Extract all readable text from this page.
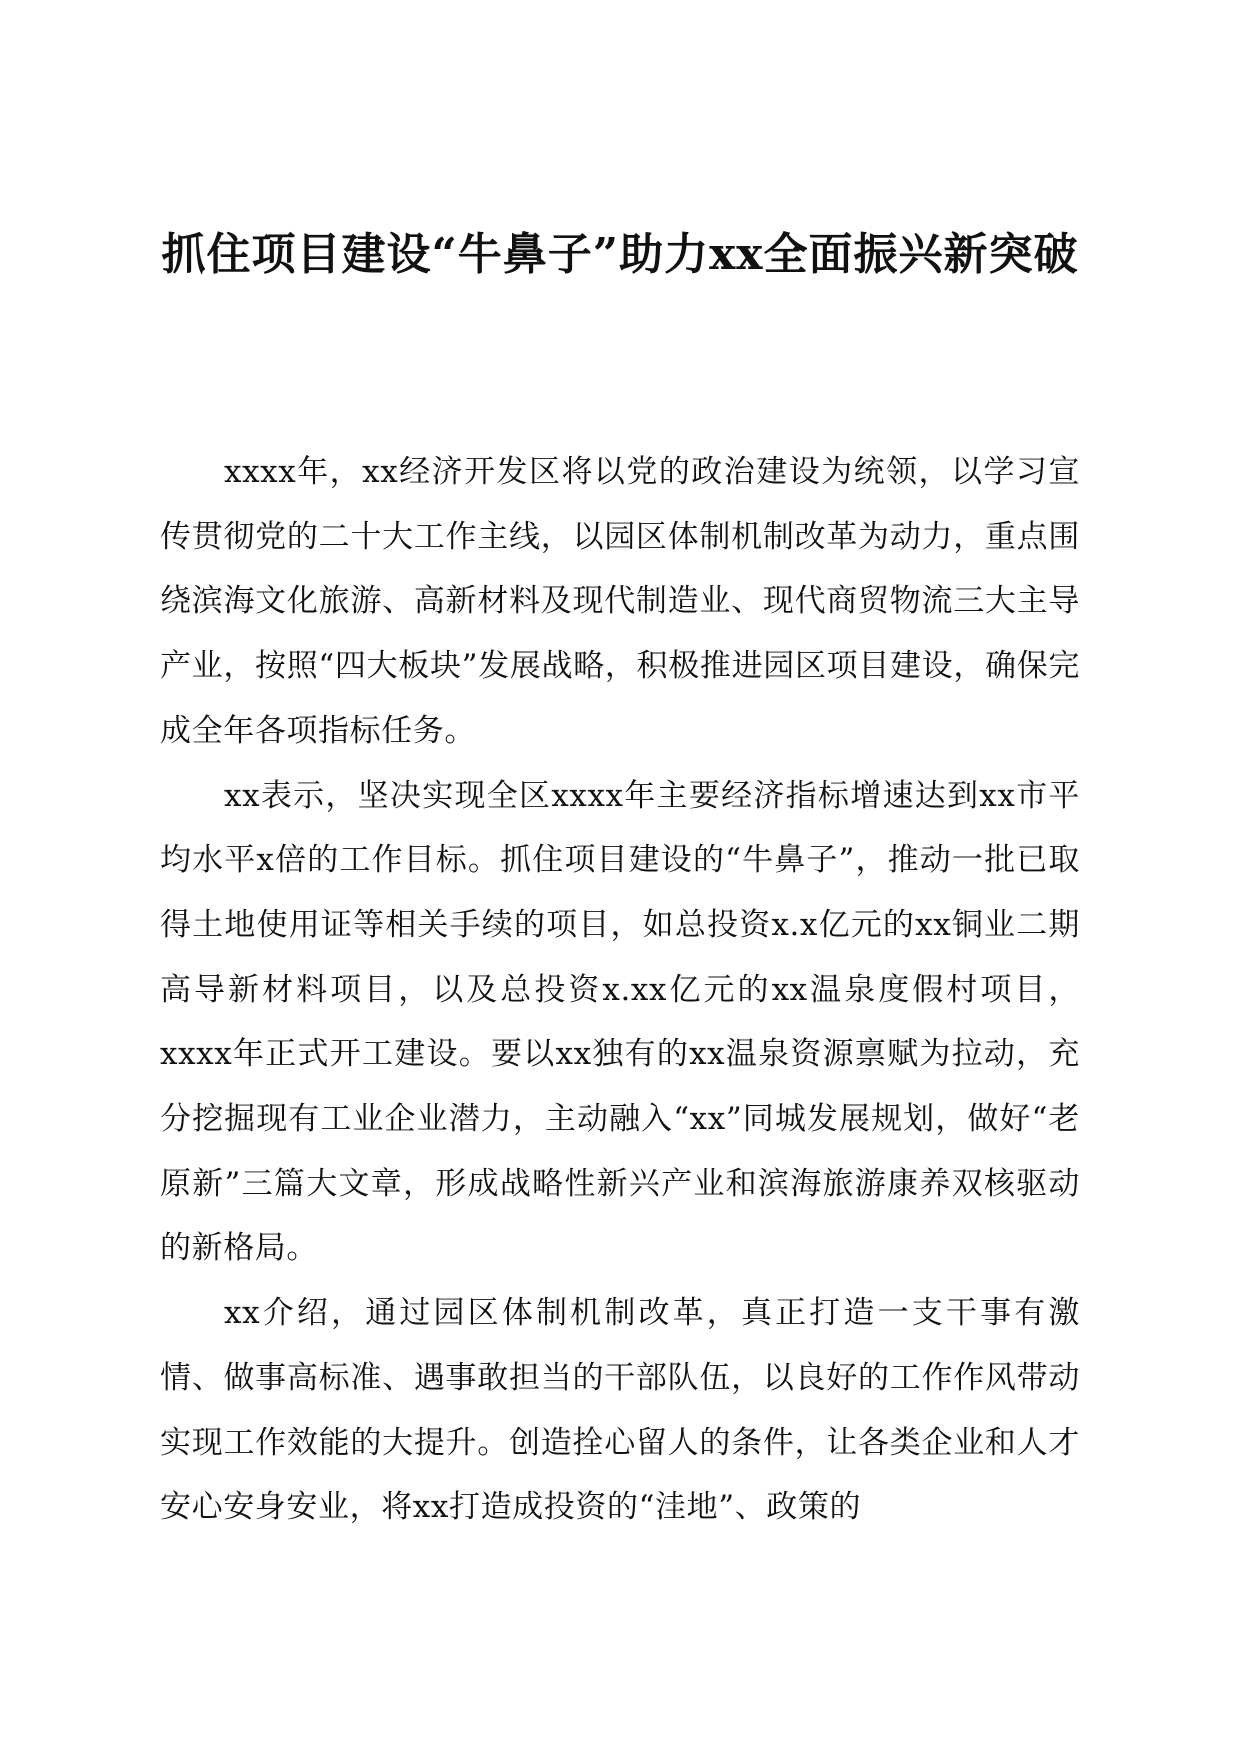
抓住项目建设“牛鼻子”助力xx全面振兴新突破

xxxx年，xx经济开发区将以党的政治建设为统领，以学习宣传贯彻党的二十大工作主线，以园区体制机制改革为动力，重点围绕滨海文化旅游、高新材料及现代制造业、现代商贸物流三大主导产业，按照“四大板块”发展战略，积极推进园区项目建设，确保完成全年各项指标任务。

xx表示，坚决实现全区xxxx年主要经济指标增速达到xx市平均水平x倍的工作目标。抓住项目建设的“牛鼻子”，推动一批已取得土地使用证等相关手续的项目，如总投资x.x亿元的xx铜业二期高导新材料项目，以及总投资x.xx亿元的xx温泉度假村项目，xxxx年正式开工建设。要以xx独有的xx温泉资源禀赋为拉动，充分挖掘现有工业企业潜力，主动融入“xx”同城发展规划，做好“老原新”三篇大文章，形成战略性新兴产业和滨海旅游康养双核驱动的新格局。

xx介绍，通过园区体制机制改革，真正打造一支干事有激情、做事高标准、遇事敢担当的干部队伍，以良好的工作作风带动实现工作效能的大提升。创造拴心留人的条件，让各类企业和人才安心安身安业，将xx打造成投资的“洼地”、政策的
